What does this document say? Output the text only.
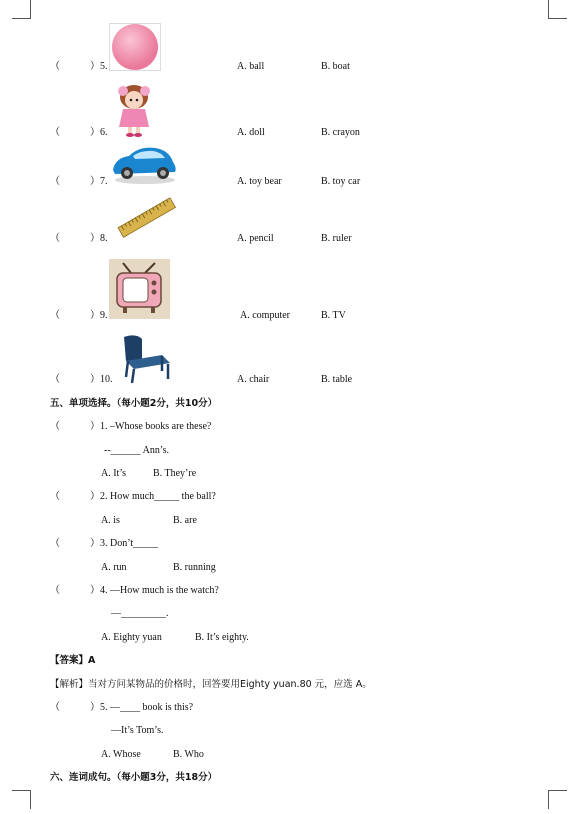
（	）5.	A. ball	B. boat
（	）6.	A. doll	B. crayon
（	）7.	A. toy bear	B. toy car
（	）8.	A. pencil	B. ruler
（	）9.	A. computer	B. TV
（	）10.	A. chair	B. table
五、单项选择。（每小题2分，共10分）
（	）1. –Whose books are these?
--______ Ann’s.
A. It’s	B. They’re
（	）2. How much_____ the ball?
A. is	B. are
（	）3. Don’t_____
A. run	B. running
（	）4. —How much is the watch?
—_________.
A. Eighty yuan	B. It’s eighty.
【答案】A
【解析】当对方问某物品的价格时，回答要用Eighty yuan.80 元，应选 A。
（	）5. —____ book is this?
—It’s Tom’s.
A. Whose	B. Who
六、连词成句。（每小题3分，共18分）
